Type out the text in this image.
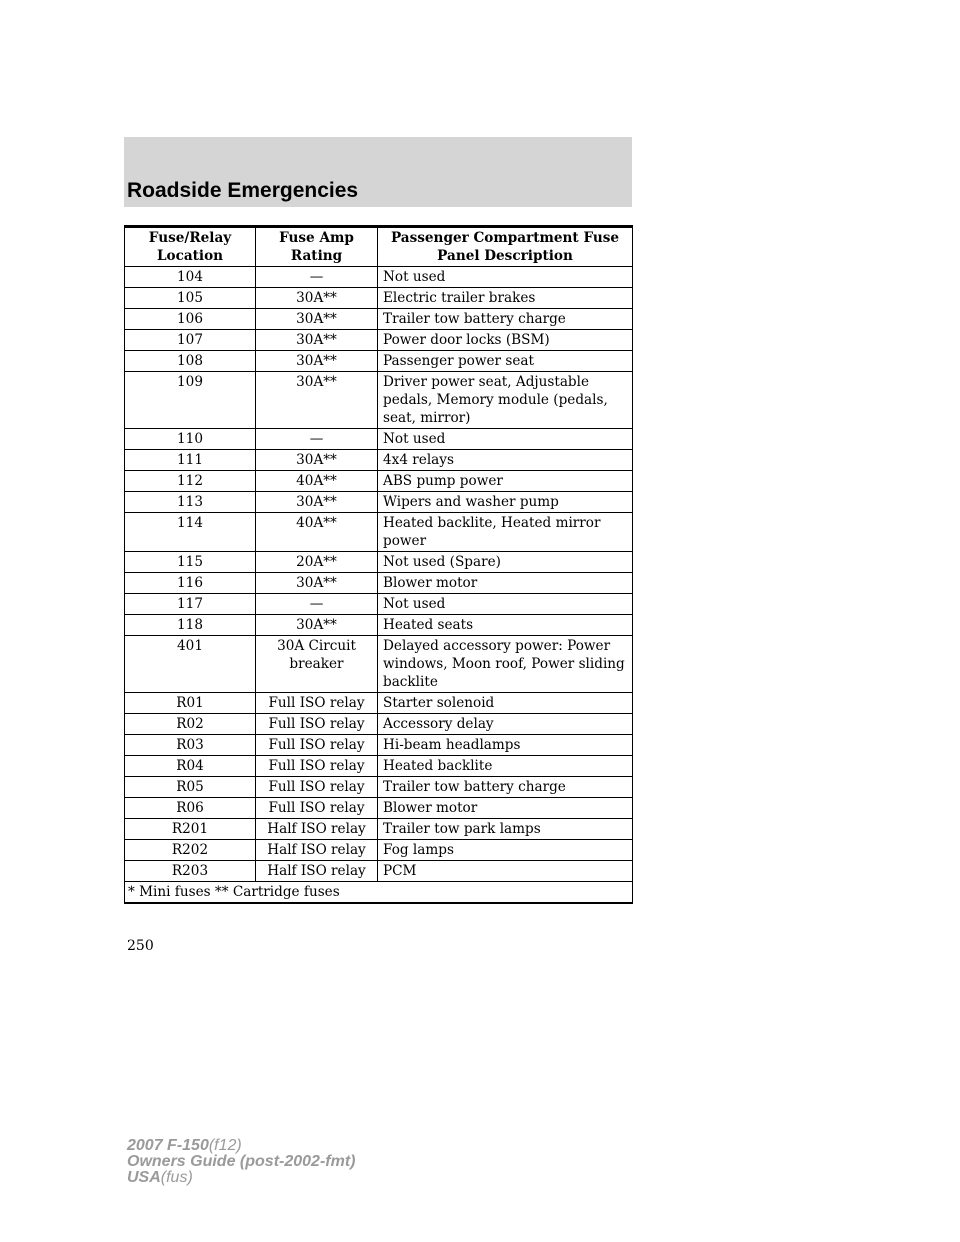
Roadside Emergencies
Fuse/Relay Location	Fuse Amp Rating	Passenger Compartment Fuse Panel Description
104	—	Not used
105	30A**	Electric trailer brakes
106	30A**	Trailer tow battery charge
107	30A**	Power door locks (BSM)
108	30A**	Passenger power seat
109	30A**	Driver power seat, Adjustable pedals, Memory module (pedals, seat, mirror)
110	—	Not used
111	30A**	4x4 relays
112	40A**	ABS pump power
113	30A**	Wipers and washer pump
114	40A**	Heated backlite, Heated mirror power
115	20A**	Not used (Spare)
116	30A**	Blower motor
117	—	Not used
118	30A**	Heated seats
401	30A Circuit breaker	Delayed accessory power: Power windows, Moon roof, Power sliding backlite
R01	Full ISO relay	Starter solenoid
R02	Full ISO relay	Accessory delay
R03	Full ISO relay	Hi-beam headlamps
R04	Full ISO relay	Heated backlite
R05	Full ISO relay	Trailer tow battery charge
R06	Full ISO relay	Blower motor
R201	Half ISO relay	Trailer tow park lamps
R202	Half ISO relay	Fog lamps
R203	Half ISO relay	PCM
* Mini fuses ** Cartridge fuses		
250
2007 F-150(f12)
Owners Guide (post-2002-fmt)
USA(fus)
